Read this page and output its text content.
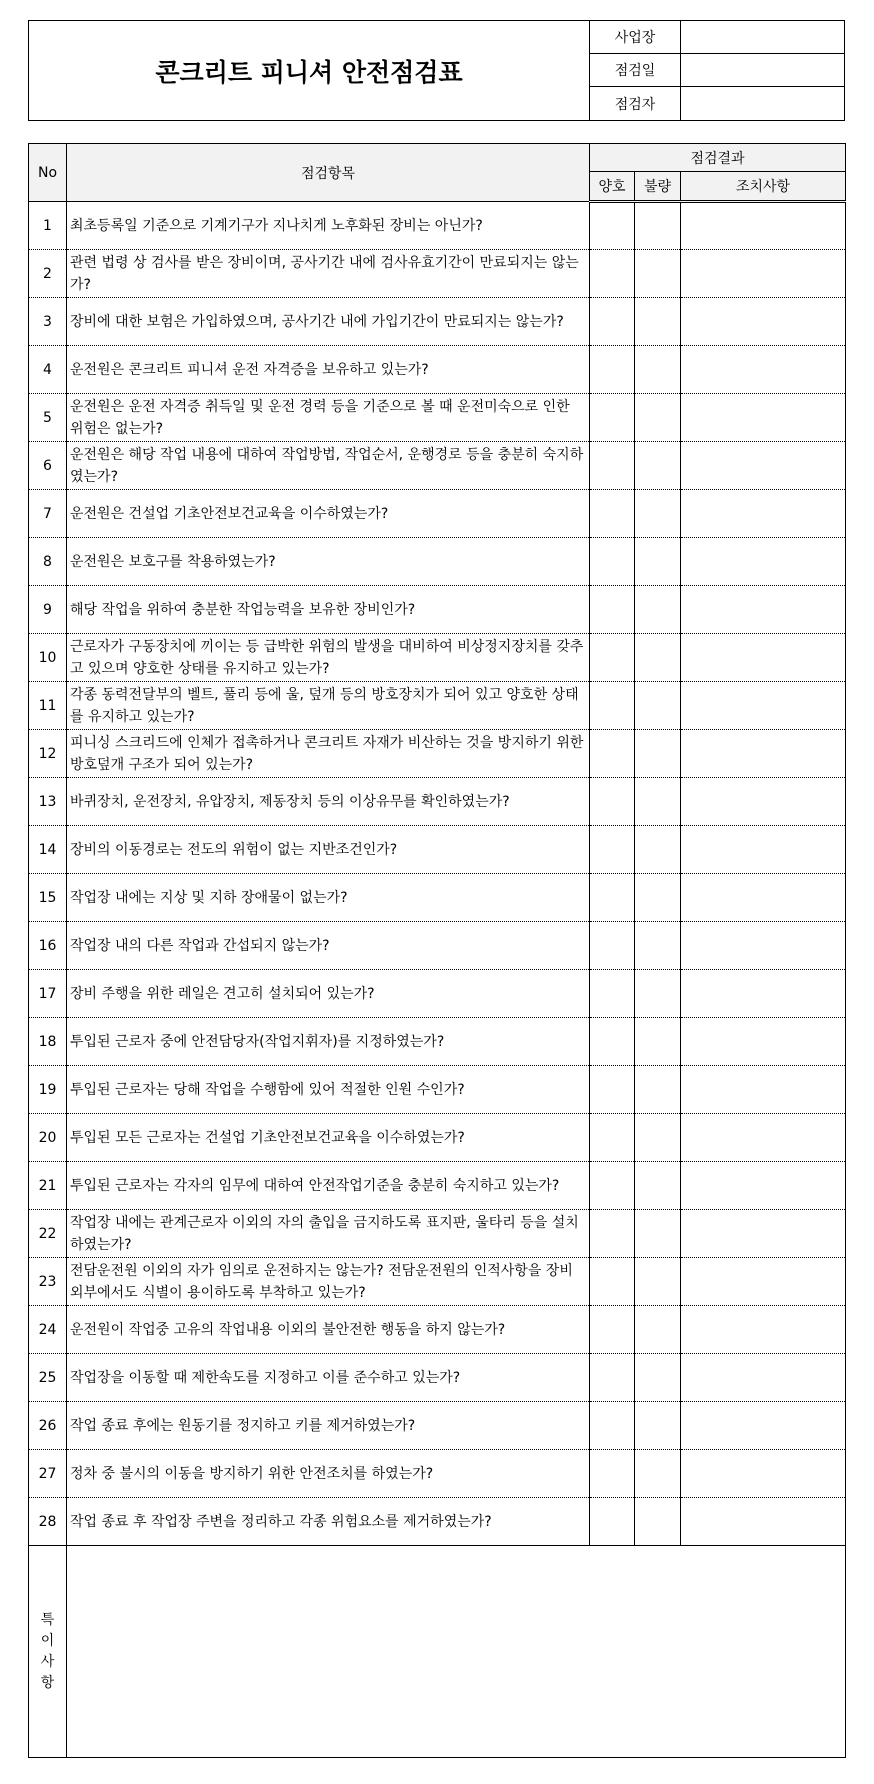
콘크리트 피니셔 안전점검표
사업장
점검일
점검자
No	점검항목	점검결과		
		양호	불량	조치사항
1	최초등록일 기준으로 기계기구가 지나치게 노후화된 장비는 아닌가?			
2	관련 법령 상 검사를 받은 장비이며, 공사기간 내에 검사유효기간이 만료되지는 않는가?			
3	장비에 대한 보험은 가입하였으며, 공사기간 내에 가입기간이 만료되지는 않는가?			
4	운전원은 콘크리트 피니셔 운전 자격증을 보유하고 있는가?			
5	운전원은 운전 자격증 취득일 및 운전 경력 등을 기준으로 볼 때 운전미숙으로 인한 위험은 없는가?			
6	운전원은 해당 작업 내용에 대하여 작업방법, 작업순서, 운행경로 등을 충분히 숙지하였는가?			
7	운전원은 건설업 기초안전보건교육을 이수하였는가?			
8	운전원은 보호구를 착용하였는가?			
9	해당 작업을 위하여 충분한 작업능력을 보유한 장비인가?			
10	근로자가 구동장치에 끼이는 등 급박한 위험의 발생을 대비하여 비상정지장치를 갖추고 있으며 양호한 상태를 유지하고 있는가?			
11	각종 동력전달부의 벨트, 풀리 등에 울, 덮개 등의 방호장치가 되어 있고 양호한 상태를 유지하고 있는가?			
12	피니싱 스크리드에 인체가 접촉하거나 콘크리트 자재가 비산하는 것을 방지하기 위한 방호덮개 구조가 되어 있는가?			
13	바퀴장치, 운전장치, 유압장치, 제동장치 등의 이상유무를 확인하였는가?			
14	장비의 이동경로는 전도의 위험이 없는 지반조건인가?			
15	작업장 내에는 지상 및 지하 장애물이 없는가?			
16	작업장 내의 다른 작업과 간섭되지 않는가?			
17	장비 주행을 위한 레일은 견고히 설치되어 있는가?			
18	투입된 근로자 중에 안전담당자(작업지휘자)를 지정하였는가?			
19	투입된 근로자는 당해 작업을 수행함에 있어 적절한 인원 수인가?			
20	투입된 모든 근로자는 건설업 기초안전보건교육을 이수하였는가?			
21	투입된 근로자는 각자의 임무에 대하여 안전작업기준을 충분히 숙지하고 있는가?			
22	작업장 내에는 관계근로자 이외의 자의 출입을 금지하도록 표지판, 울타리 등을 설치하였는가?			
23	전담운전원 이외의 자가 임의로 운전하지는 않는가? 전담운전원의 인적사항을 장비 외부에서도 식별이 용이하도록 부착하고 있는가?			
24	운전원이 작업중 고유의 작업내용 이외의 불안전한 행동을 하지 않는가?			
25	작업장을 이동할 때 제한속도를 지정하고 이를 준수하고 있는가?			
26	작업 종료 후에는 원동기를 정지하고 키를 제거하였는가?			
27	정차 중 불시의 이동을 방지하기 위한 안전조치를 하였는가?			
28	작업 종료 후 작업장 주변을 정리하고 각종 위험요소를 제거하였는가?			
특이사항				
